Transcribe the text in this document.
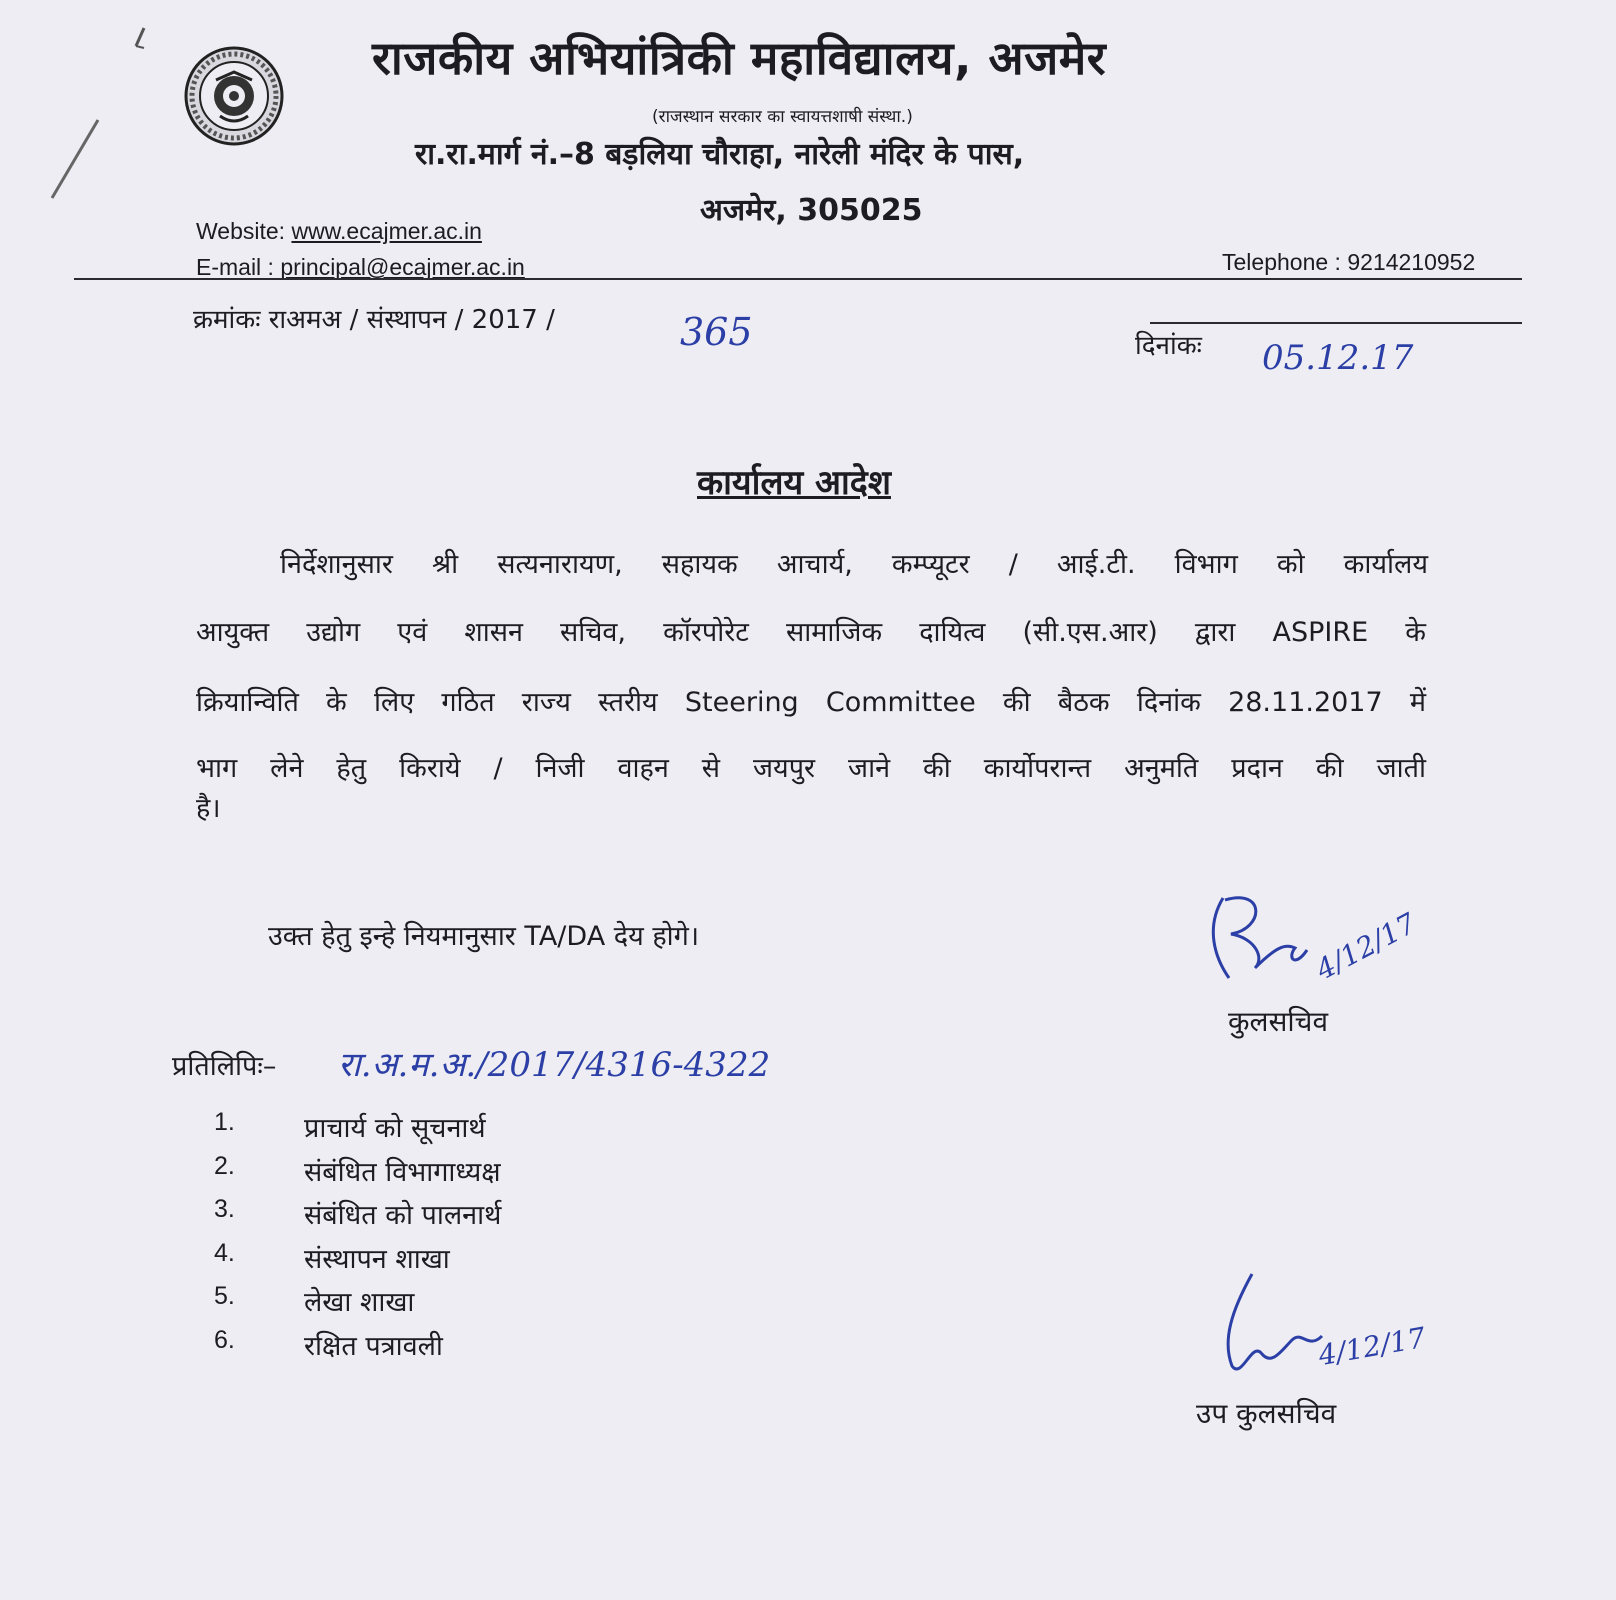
राजकीय अभियांत्रिकी महाविद्यालय, अजमेर
(राजस्थान सरकार का स्वायत्तशाषी संस्था.)
रा.रा.मार्ग नं.–8 बड़लिया चौराहा, नारेली मंदिर के पास,
अजमेर, 305025
Website: www.ecajmer.ac.in
E-mail : principal@ecajmer.ac.in	Telephone : 9214210952
क्रमांकः राअमअ / संस्थापन / 2017 /	365	दिनांकः 05.12.17
कार्यालय आदेश
निर्देशानुसार श्री सत्यनारायण, सहायक आचार्य, कम्प्यूटर / आई.टी. विभाग को कार्यालय
आयुक्त उद्योग एवं शासन सचिव, कॉरपोरेट सामाजिक दायित्व (सी.एस.आर) द्वारा ASPIRE के
क्रियान्विति के लिए गठित राज्य स्तरीय Steering Committee की बैठक दिनांक 28.11.2017 में
भाग लेने हेतु किराये / निजी वाहन से जयपुर जाने की कार्योपरान्त अनुमति प्रदान की जाती
है।
उक्त हेतु इन्हे नियमानुसार TA/DA देय होगे।	4/12/17
कुलसचिव
प्रतिलिपिः– रा.अ.म.अ./2017/4316-4322
1.	प्राचार्य को सूचनार्थ
2.	संबंधित विभागाध्यक्ष
3.	संबंधित को पालनार्थ
4.	संस्थापन शाखा
5.	लेखा शाखा
6.	रक्षित पत्रावली	4/12/17
उप कुलसचिव
